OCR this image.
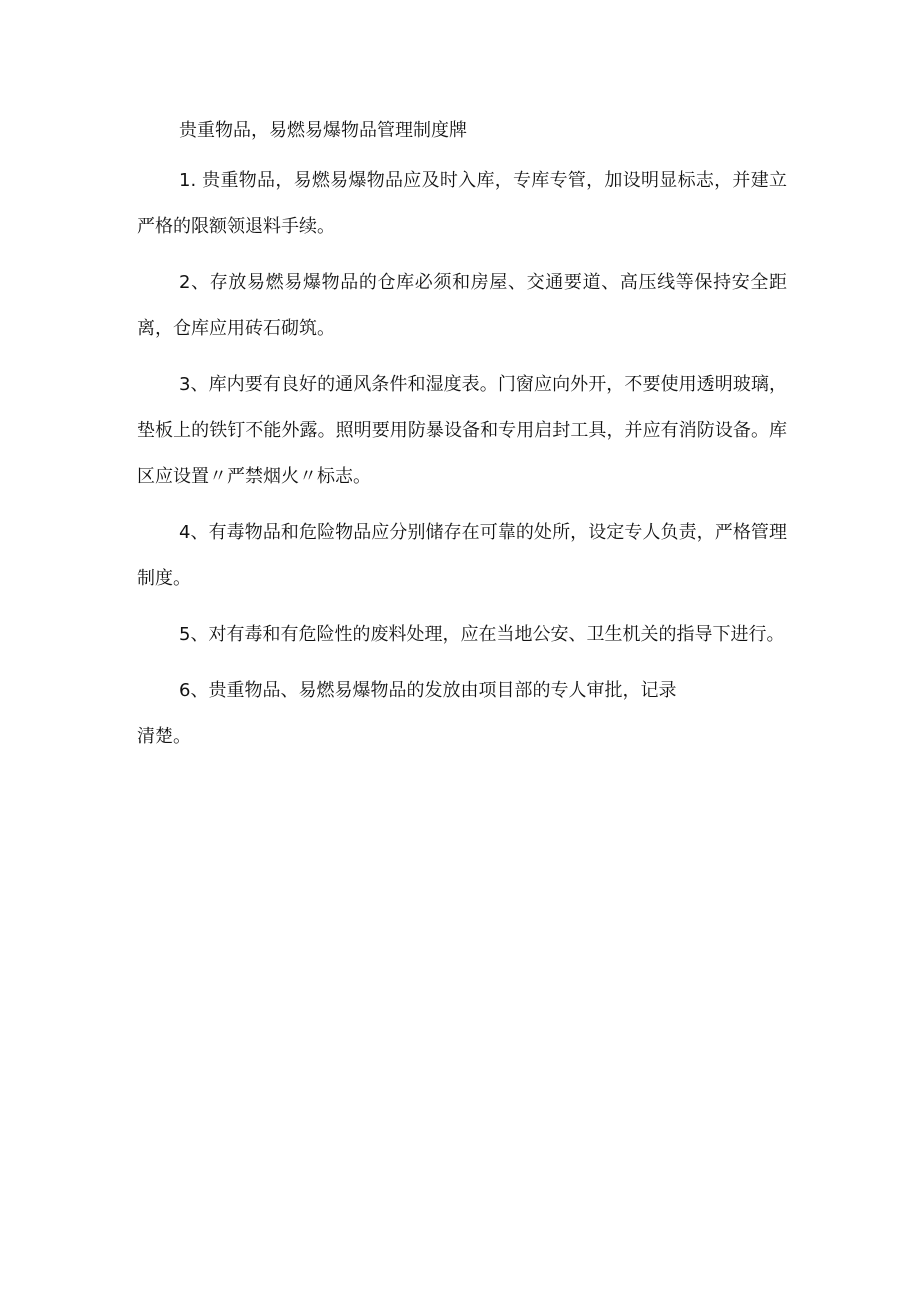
贵重物品，易燃易爆物品管理制度牌

1. 贵重物品，易燃易爆物品应及时入库，专库专管，加设明显标志，并建立严格的限额领退料手续。

2、存放易燃易爆物品的仓库必须和房屋、交通要道、高压线等保持安全距离，仓库应用砖石砌筑。

3、库内要有良好的通风条件和湿度表。门窗应向外开，不要使用透明玻璃，垫板上的铁钉不能外露。照明要用防暴设备和专用启封工具，并应有消防设备。库区应设置〃严禁烟火〃标志。

4、有毒物品和危险物品应分别储存在可靠的处所，设定专人负责，严格管理制度。

5、对有毒和有危险性的废料处理，应在当地公安、卫生机关的指导下进行。

6、贵重物品、易燃易爆物品的发放由项目部的专人审批，记录
清楚。
